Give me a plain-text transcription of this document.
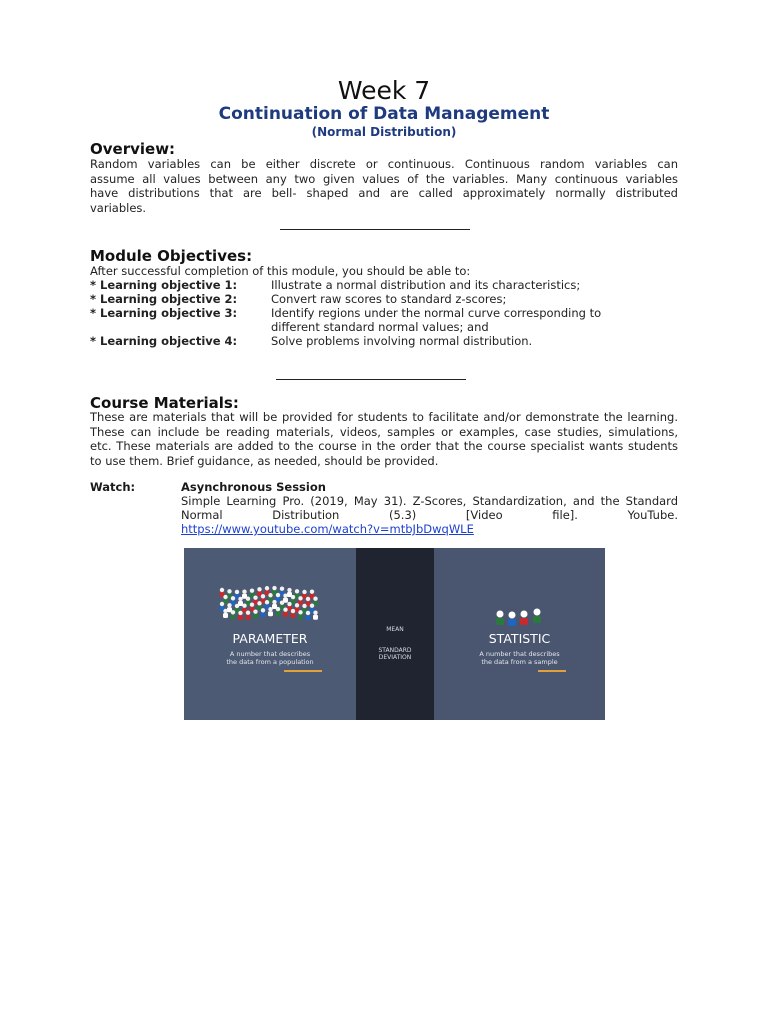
Week 7
Continuation of Data Management
(Normal Distribution)
Overview:
Random variables can be either discrete or continuous. Continuous random variables can
assume all values between any two given values of the variables. Many continuous variables
have distributions that are bell- shaped and are called approximately normally distributed
variables.
Module Objectives:
After successful completion of this module, you should be able to:
* Learning objective 1:	Illustrate a normal distribution and its characteristics;
* Learning objective 2:	Convert raw scores to standard z-scores;
* Learning objective 3:	Identify regions under the normal curve corresponding to
different standard normal values; and
* Learning objective 4:	Solve problems involving normal distribution.
Course Materials:
These are materials that will be provided for students to facilitate and/or demonstrate the learning.
These can include be reading materials, videos, samples or examples, case studies, simulations,
etc. These materials are added to the course in the order that the course specialist wants students
to use them. Brief guidance, as needed, should be provided.
Watch:	Asynchronous Session
Simple Learning Pro. (2019, May 31). Z-Scores, Standardization, and the Standard
Normal Distribution (5.3) [Video file]. YouTube.
https://www.youtube.com/watch?v=mtbJbDwqWLE
PARAMETER
A number that describes
the data from a population
MEAN
STANDARD
DEVIATION
STATISTIC
A number that describes
the data from a sample
